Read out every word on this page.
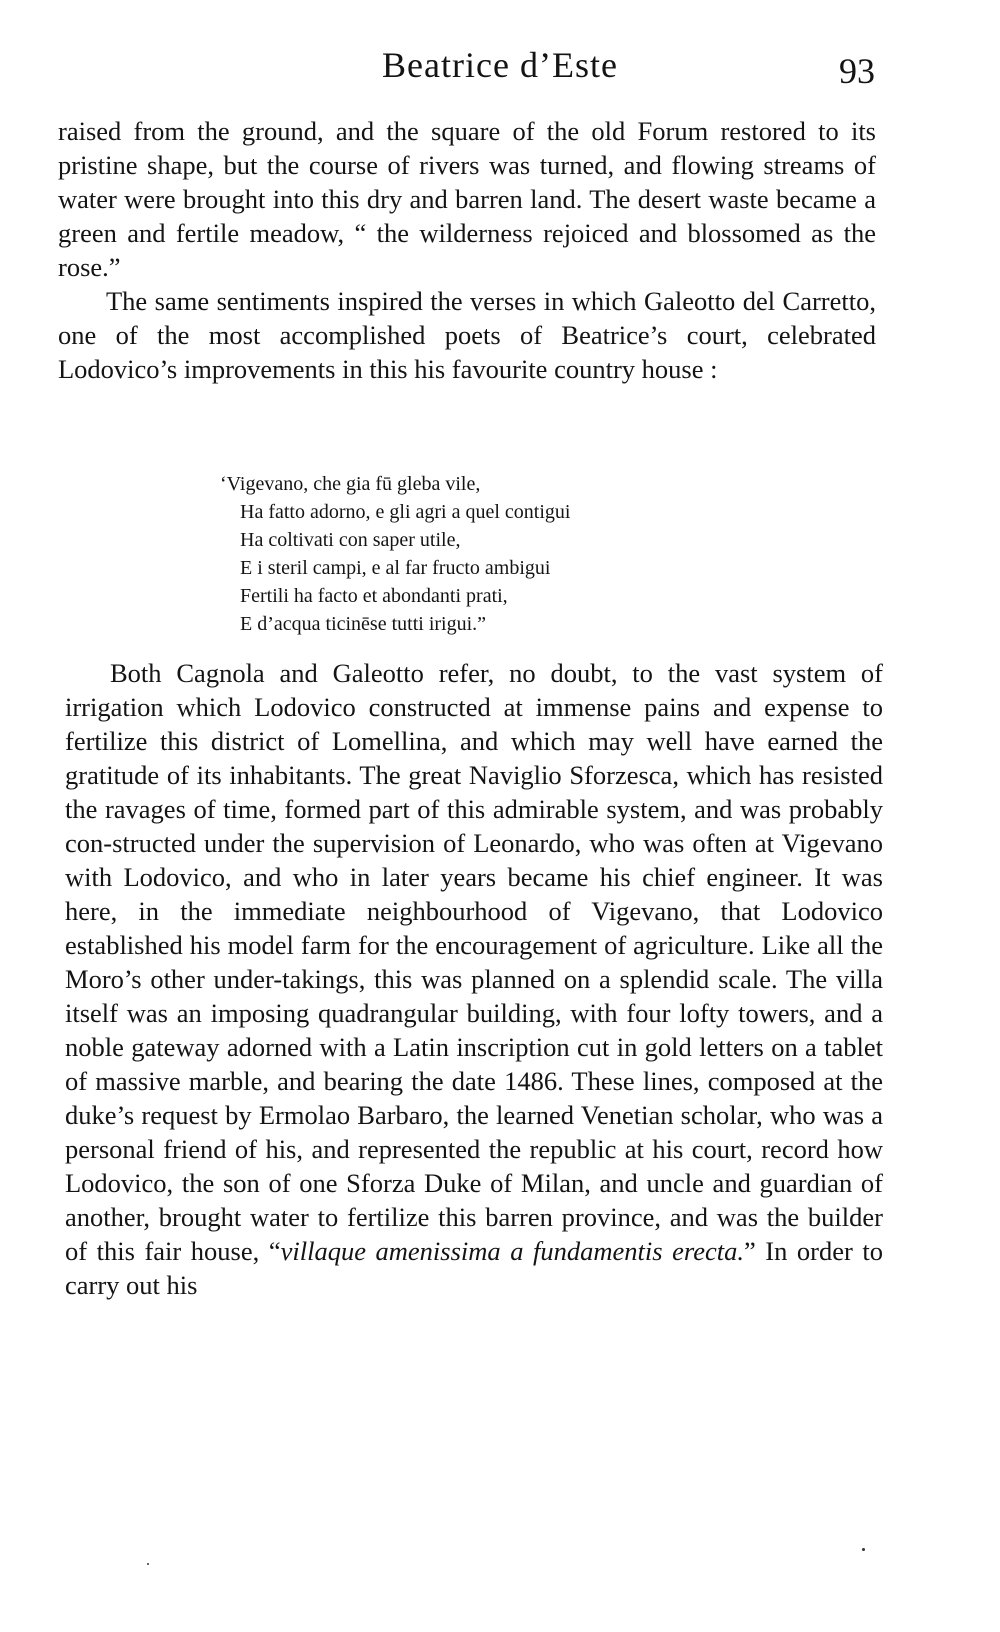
Beatrice d’Este	93

raised from the ground, and the square of the old Forum restored to its pristine shape, but the course of rivers was turned, and flowing streams of water were brought into this dry and barren land. The desert waste became a green and fertile meadow, “ the wilderness rejoiced and blossomed as the rose.”

The same sentiments inspired the verses in which Galeotto del Carretto, one of the most accomplished poets of Beatrice’s court, celebrated Lodovico’s improvements in this his favourite country house :

‘Vigevano, che gia fū gleba vile,
Ha fatto adorno, e gli agri a quel contigui
Ha coltivati con saper utile,
E i steril campi, e al far fructo ambigui
Fertili ha facto et abondanti prati,
E d’acqua ticinēse tutti irigui.”

Both Cagnola and Galeotto refer, no doubt, to the vast system of irrigation which Lodovico constructed at immense pains and expense to fertilize this district of Lomellina, and which may well have earned the gratitude of its inhabitants. The great Naviglio Sforzesca, which has resisted the ravages of time, formed part of this admirable system, and was probably con-structed under the supervision of Leonardo, who was often at Vigevano with Lodovico, and who in later years became his chief engineer. It was here, in the immediate neighbourhood of Vigevano, that Lodovico established his model farm for the encouragement of agriculture. Like all the Moro’s other under-takings, this was planned on a splendid scale. The villa itself was an imposing quadrangular building, with four lofty towers, and a noble gateway adorned with a Latin inscription cut in gold letters on a tablet of massive marble, and bearing the date 1486. These lines, composed at the duke’s request by Ermolao Barbaro, the learned Venetian scholar, who was a personal friend of his, and represented the republic at his court, record how Lodovico, the son of one Sforza Duke of Milan, and uncle and guardian of another, brought water to fertilize this barren province, and was the builder of this fair house, “villaque amenissima a fundamentis erecta.” In order to carry out his
